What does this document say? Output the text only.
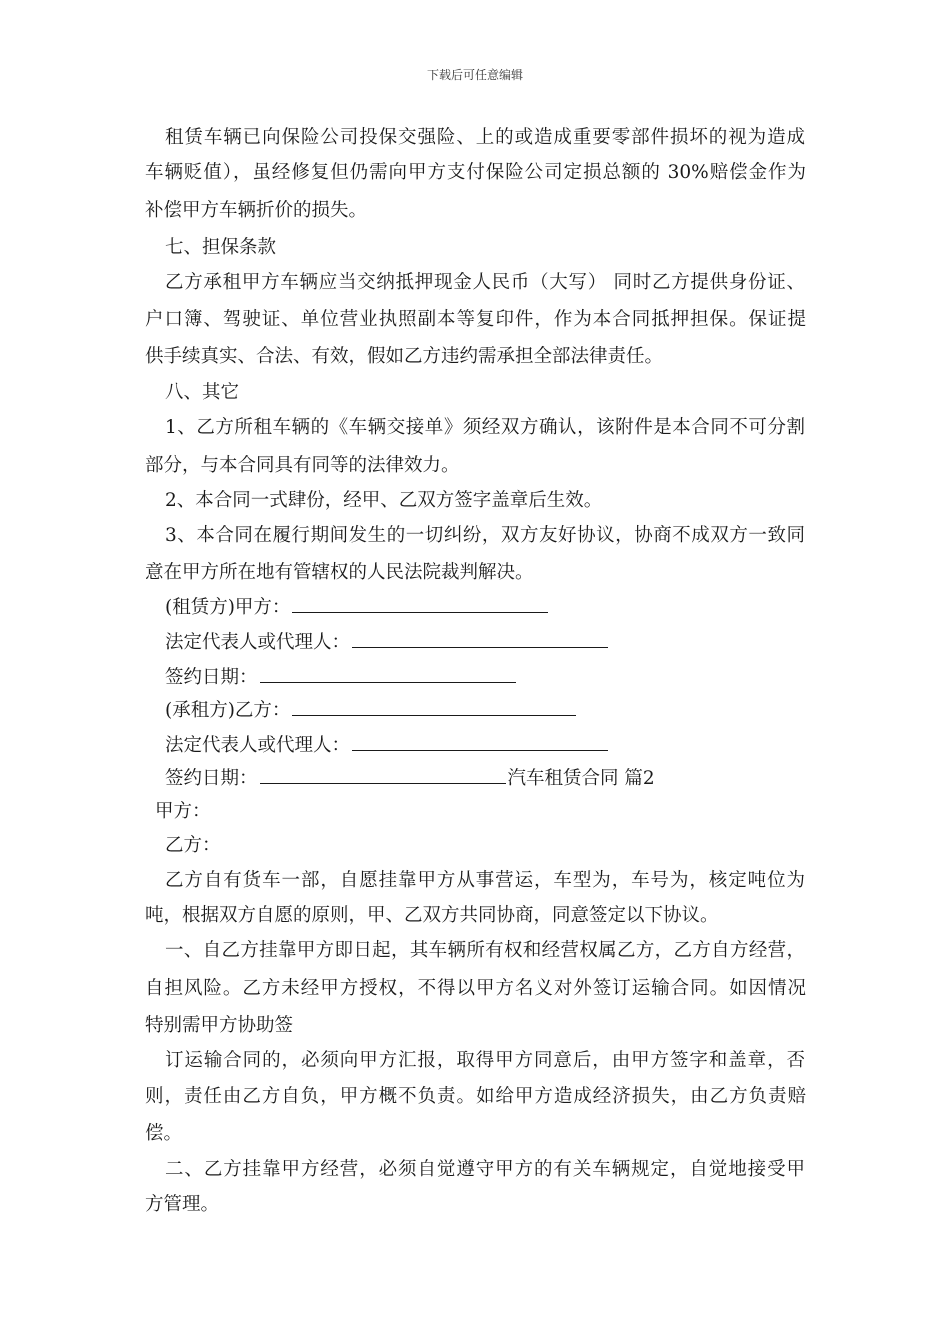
下载后可任意编辑
租赁车辆已向保险公司投保交强险、上的或造成重要零部件损坏的视为造成
车辆贬值），虽经修复但仍需向甲方支付保险公司定损总额的 30%赔偿金作为
补偿甲方车辆折价的损失。
七、担保条款
乙方承租甲方车辆应当交纳抵押现金人民币（大写） 同时乙方提供身份证、
户口簿、驾驶证、单位营业执照副本等复印件，作为本合同抵押担保。保证提
供手续真实、合法、有效，假如乙方违约需承担全部法律责任。
八、其它
1、乙方所租车辆的《车辆交接单》须经双方确认，该附件是本合同不可分割
部分，与本合同具有同等的法律效力。
2、本合同一式肆份，经甲、乙双方签字盖章后生效。
3、本合同在履行期间发生的一切纠纷，双方友好协议，协商不成双方一致同
意在甲方所在地有管辖权的人民法院裁判解决。
(租赁方)甲方：
法定代表人或代理人：
签约日期：
(承租方)乙方：
法定代表人或代理人：
签约日期：	汽车租赁合同 篇2
甲方：
乙方：
乙方自有货车一部，自愿挂靠甲方从事营运，车型为，车号为，核定吨位为
吨，根据双方自愿的原则，甲、乙双方共同协商，同意签定以下协议。
一、自乙方挂靠甲方即日起，其车辆所有权和经营权属乙方，乙方自方经营，
自担风险。乙方未经甲方授权，不得以甲方名义对外签订运输合同。如因情况
特别需甲方协助签
订运输合同的，必须向甲方汇报，取得甲方同意后，由甲方签字和盖章，否
则，责任由乙方自负，甲方概不负责。如给甲方造成经济损失，由乙方负责赔
偿。
二、乙方挂靠甲方经营，必须自觉遵守甲方的有关车辆规定，自觉地接受甲
方管理。
